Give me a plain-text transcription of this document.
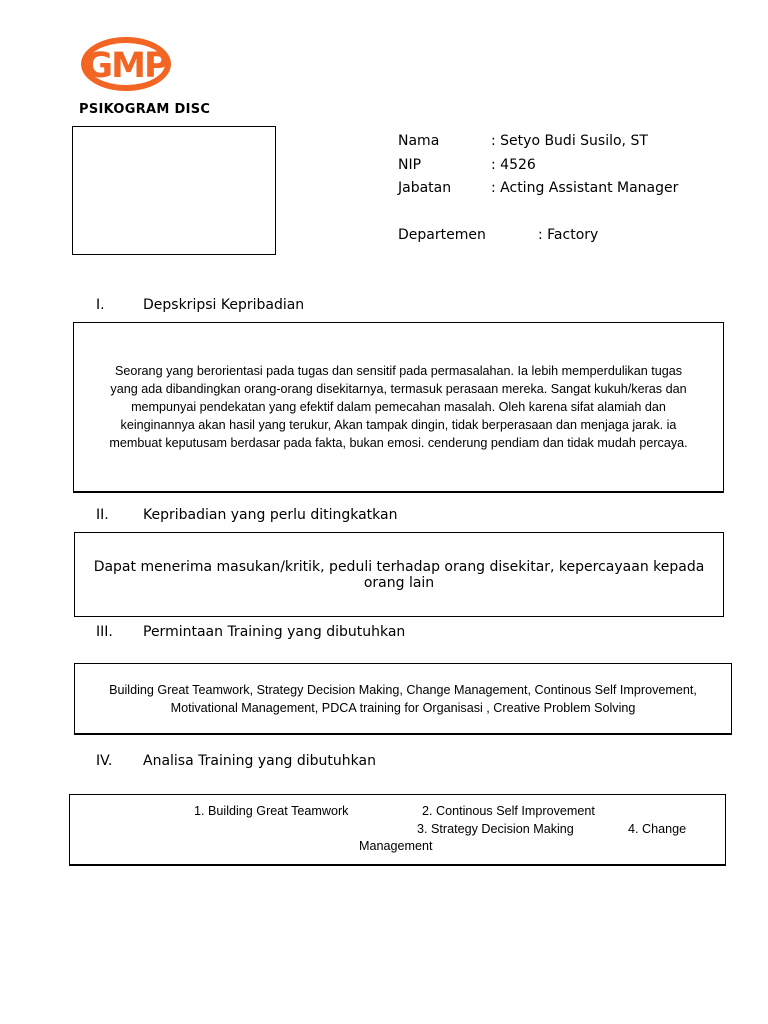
GMP
PSIKOGRAM DISC
Nama	: Setyo Budi Susilo, ST
NIP	: 4526
Jabatan	: Acting Assistant Manager
Departemen	: Factory
I.	Depskripsi Kepribadian

Seorang yang berorientasi pada tugas dan sensitif pada permasalahan. Ia lebih memperdulikan tugas yang ada dibandingkan orang-orang disekitarnya, termasuk perasaan mereka. Sangat kukuh/keras dan mempunyai pendekatan yang efektif dalam pemecahan masalah. Oleh karena sifat alamiah dan keinginannya akan hasil yang terukur, Akan tampak dingin, tidak berperasaan dan menjaga jarak. ia membuat keputusam berdasar pada fakta, bukan emosi. cenderung pendiam dan tidak mudah percaya.

II. Kepribadian yang perlu ditingkatkan

Dapat menerima masukan/kritik, peduli terhadap orang disekitar, kepercayaan kepada orang lain

III. Permintaan Training yang dibutuhkan

Building Great Teamwork, Strategy Decision Making, Change Management, Continous Self Improvement, Motivational Management, PDCA training for Organisasi , Creative Problem Solving

IV. Analisa Training yang dibutuhkan
1. Building Great Teamwork	2. Continous Self Improvement
3. Strategy Decision Making	4. Change
Management
